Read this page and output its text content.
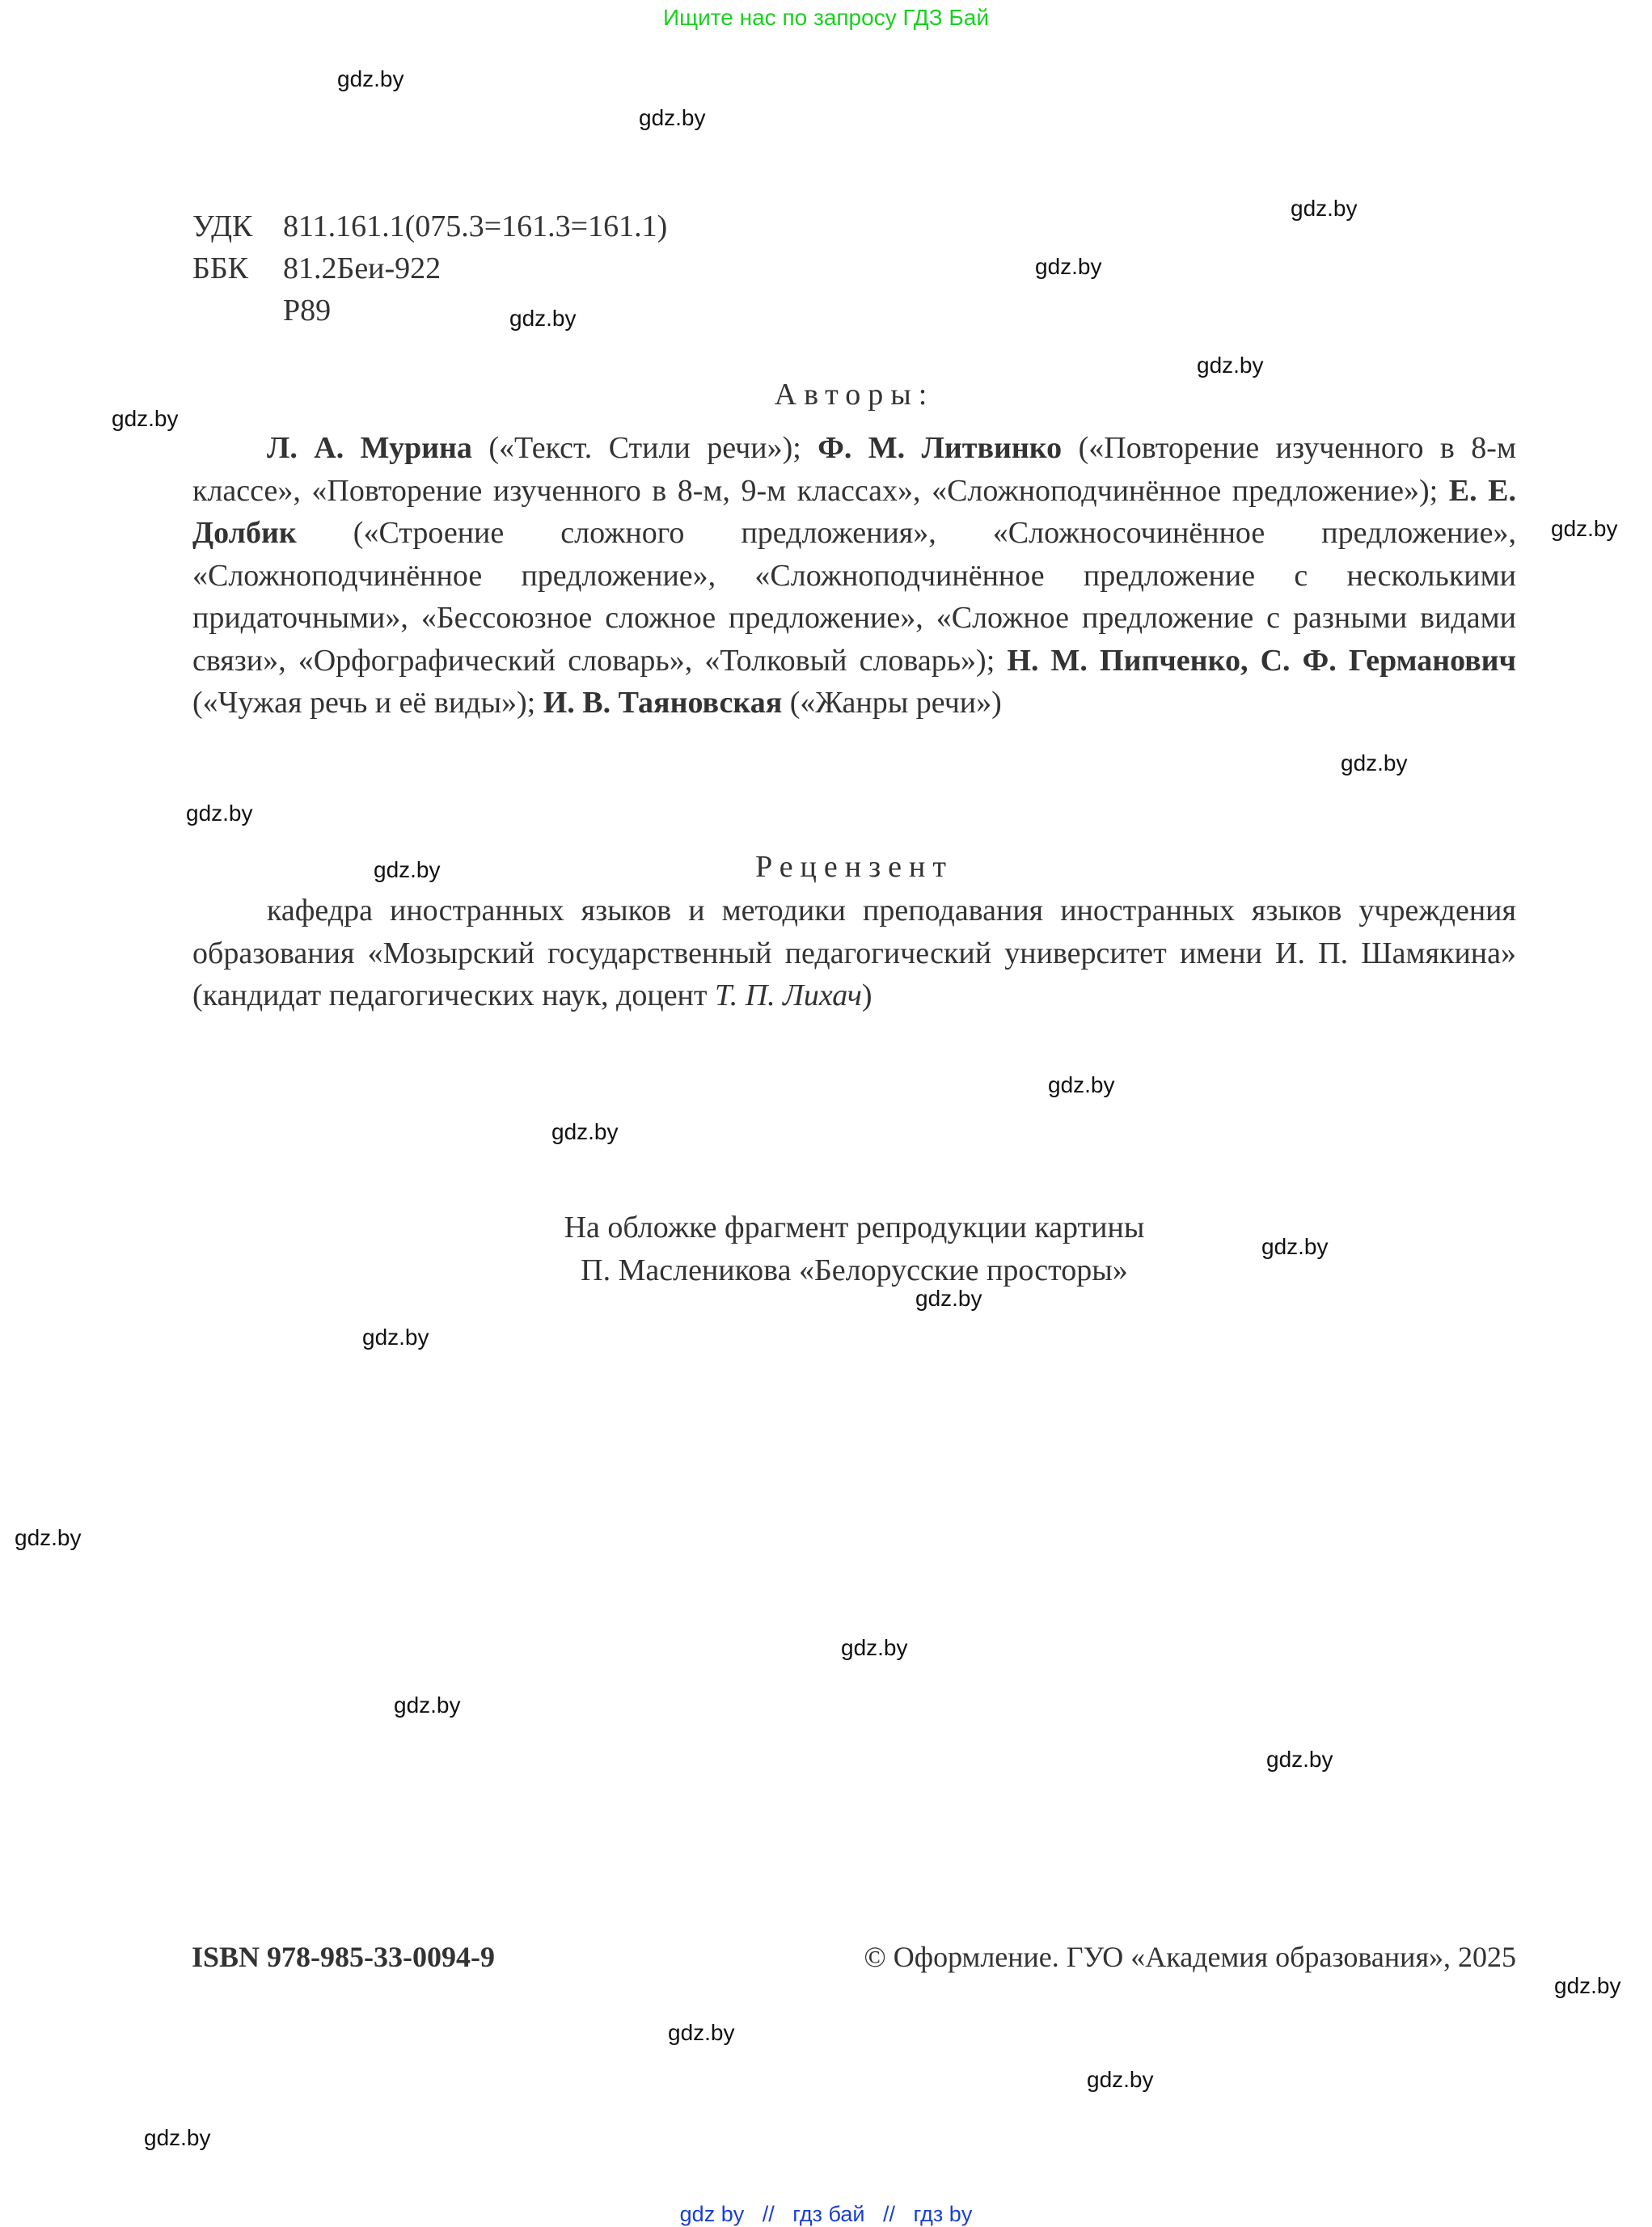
Ищите нас по запросу ГДЗ Бай
УДК 811.161.1(075.3=161.3=161.1)
ББК 81.2Беи-922
Р89
Авторы:
Л. А. Мурина («Текст. Стили речи»); Ф. М. Литвинко («Повторение изученного в 8-м классе», «Повторение изученного в 8-м, 9-м классах», «Сложноподчинённое предложение»); Е. Е. Долбик («Строение сложного предложения», «Сложносочинённое предложение», «Сложноподчинённое предложение», «Сложноподчинённое предложение с несколькими придаточными», «Бессоюзное сложное предложение», «Сложное предложение с разными видами связи», «Орфографический словарь», «Толковый словарь»); Н. М. Пипченко, С. Ф. Германович («Чужая речь и её виды»); И. В. Таяновская («Жанры речи»)
Рецензент
кафедра иностранных языков и методики преподавания иностранных языков учреждения образования «Мозырский государственный педагогический университет имени И. П. Шамякина» (кандидат педагогических наук, доцент Т. П. Лихач)
На обложке фрагмент репродукции картины
П. Масленикова «Белорусские просторы»
ISBN 978-985-33-0094-9	© Оформление. ГУО «Академия образования», 2025
gdz.by
gdz.by
gdz.by
gdz.by
gdz.by
gdz.by
gdz.by
gdz.by
gdz.by
gdz.by
gdz.by
gdz.by
gdz.by
gdz.by
gdz.by
gdz.by
gdz.by
gdz.by
gdz.by
gdz.by
gdz.by
gdz.by
gdz.by
gdz.by
gdz by // гдз бай // гдз by
